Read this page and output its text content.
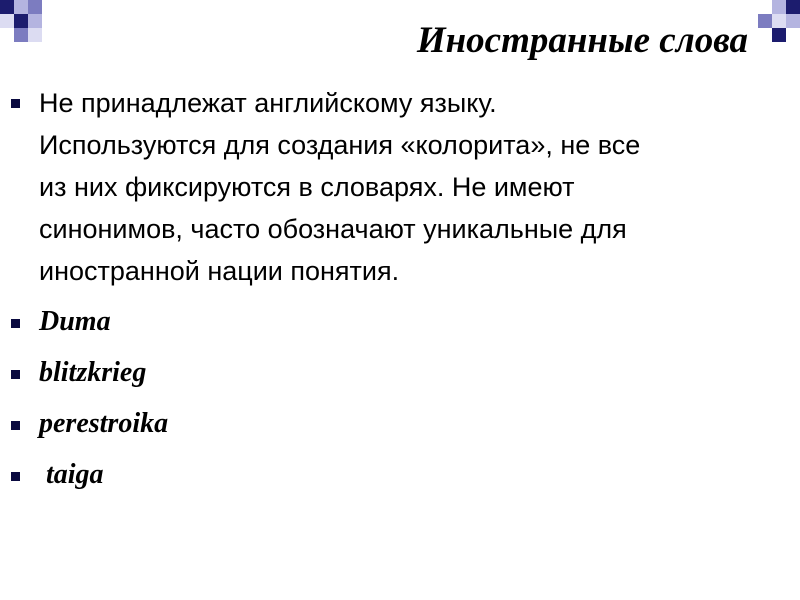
Иностранные слова
Не принадлежат английскому языку.
Используются для создания «колорита», не все
из них фиксируются в словарях. Не имеют
синонимов, часто обозначают уникальные для
иностранной нации понятия.
Duma
blitzkrieg
perestroika
taiga
